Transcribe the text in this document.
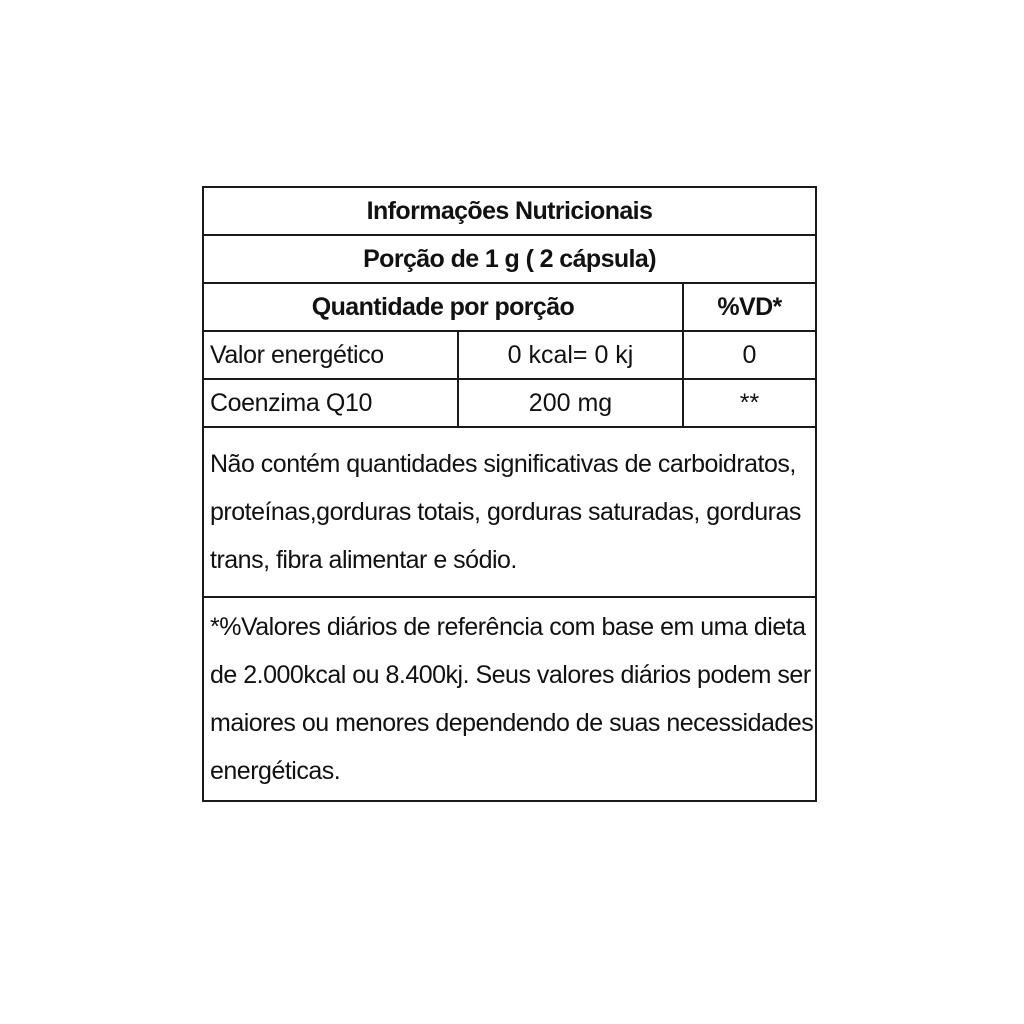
Informações Nutricionais		
Porção de 1 g ( 2 cápsula)		
Quantidade por porção		%VD*
Valor energético	0 kcal= 0 kj	0
Coenzima Q10	200 mg	**

Não contém quantidades significativas de carboidratos,
proteínas,gorduras totais, gorduras saturadas, gorduras
trans, fibra alimentar e sódio.		

*%Valores diários de referência com base em uma dieta
de 2.000kcal ou 8.400kj. Seus valores diários podem ser
maiores ou menores dependendo de suas necessidades
energéticas.		
